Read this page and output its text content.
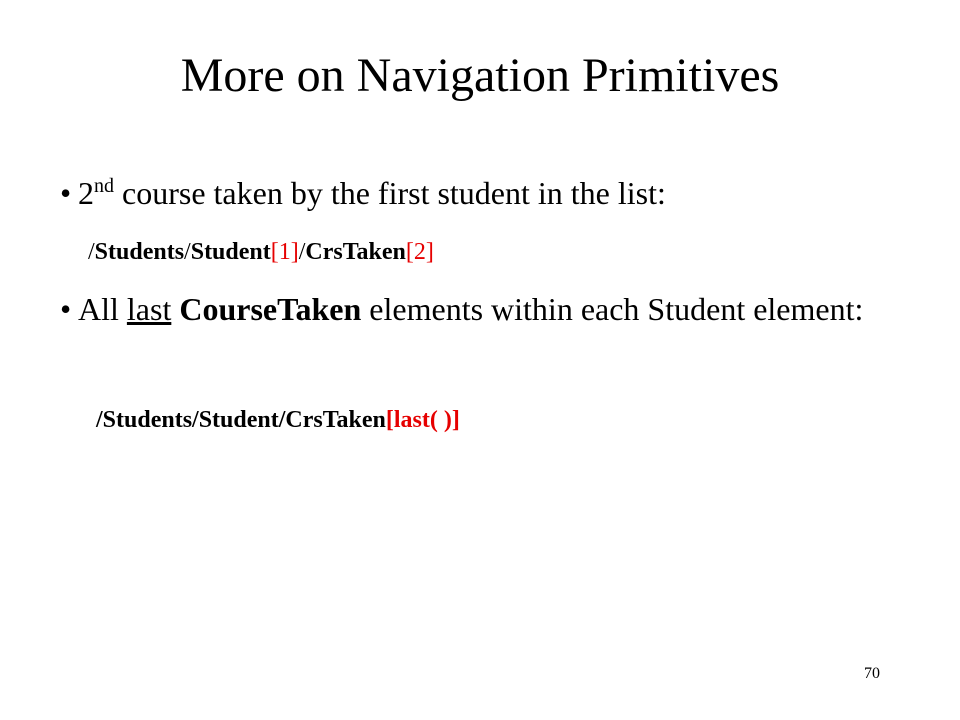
More on Navigation Primitives
• 2nd course taken by the first student in the list:
/Students/Student[1]/CrsTaken[2]
• All last CourseTaken elements within each Student element:
/Students/Student/CrsTaken[last( )]
70
